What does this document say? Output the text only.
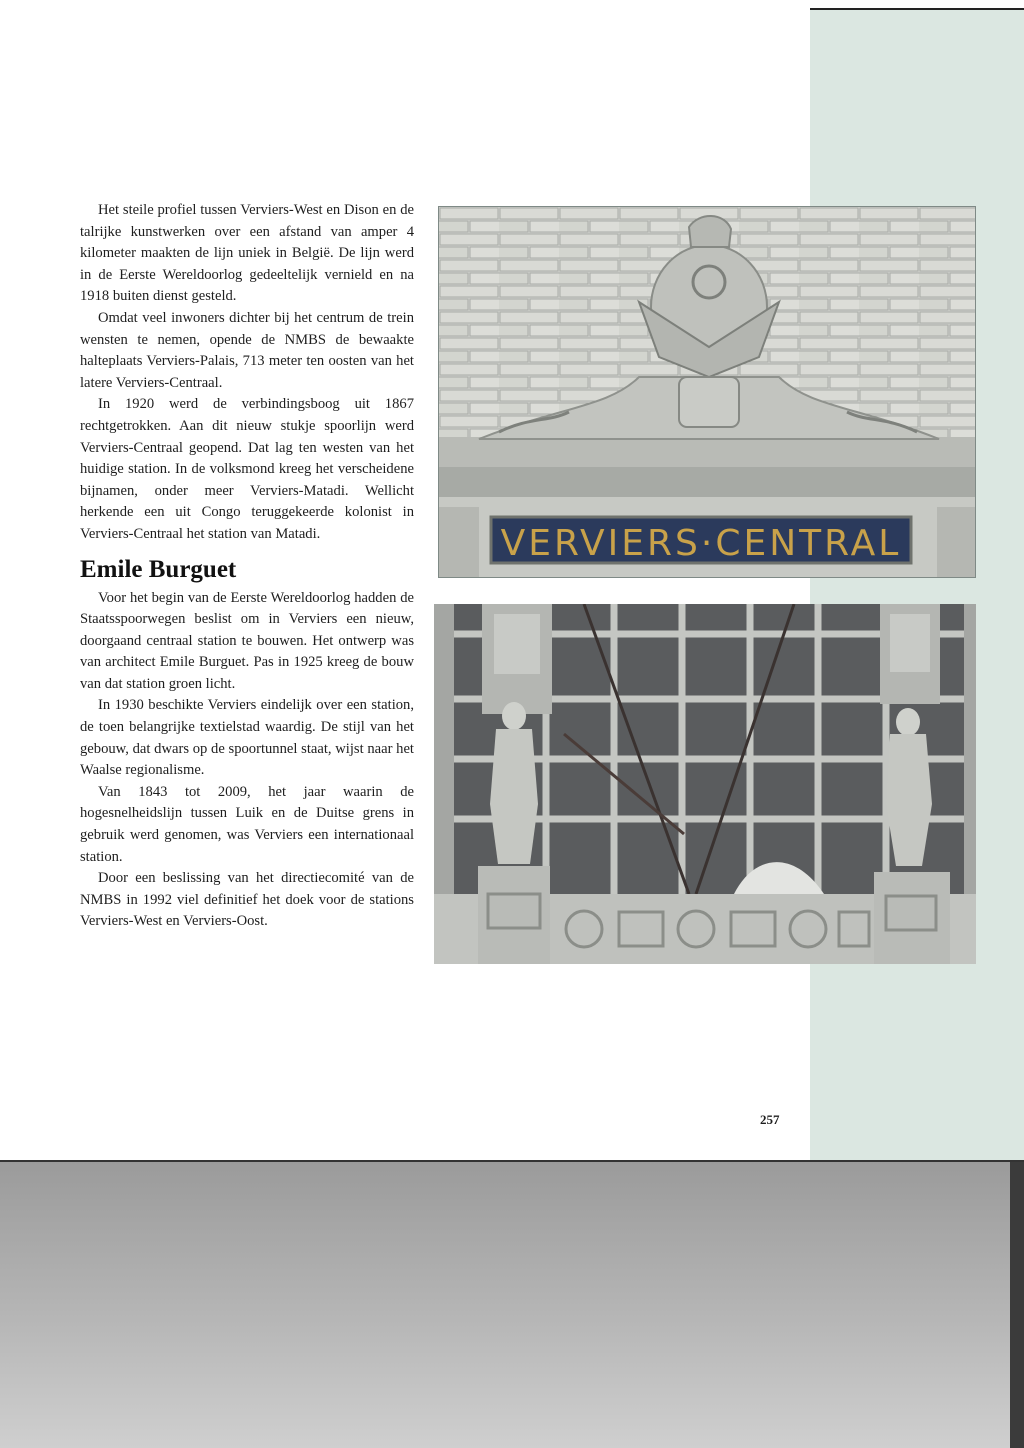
Het steile profiel tussen Verviers-West en Dison en de talrijke kunstwerken over een afstand van amper 4 kilometer maakten de lijn uniek in België. De lijn werd in de Eerste Wereldoorlog gedeeltelijk vernield en na 1918 buiten dienst gesteld.

Omdat veel inwoners dichter bij het centrum de trein wensten te nemen, opende de NMBS de bewaakte halteplaats Verviers-Palais, 713 meter ten oosten van het latere Verviers-Centraal.

In 1920 werd de verbindingsboog uit 1867 rechtgetrokken. Aan dit nieuw stukje spoorlijn werd Verviers-Centraal geopend. Dat lag ten westen van het huidige station. In de volksmond kreeg het verscheidene bijnamen, onder meer Verviers-Matadi. Wellicht herkende een uit Congo teruggekeerde kolonist in Verviers-Centraal het station van Matadi.

Emile Burguet

Voor het begin van de Eerste Wereldoorlog hadden de Staatsspoorwegen beslist om in Verviers een nieuw, doorgaand centraal station te bouwen. Het ontwerp was van architect Emile Burguet. Pas in 1925 kreeg de bouw van dat station groen licht.

In 1930 beschikte Verviers eindelijk over een station, de toen belangrijke textielstad waardig. De stijl van het gebouw, dat dwars op de spoortunnel staat, wijst naar het Waalse regionalisme.

Van 1843 tot 2009, het jaar waarin de hogesnelheidslijn tussen Luik en de Duitse grens in gebruik werd genomen, was Verviers een internationaal station.

Door een beslissing van het directiecomité van de NMBS in 1992 viel definitief het doek voor de stations Verviers-West en Verviers-Oost.

VERVIERS·CENTRAL
257
